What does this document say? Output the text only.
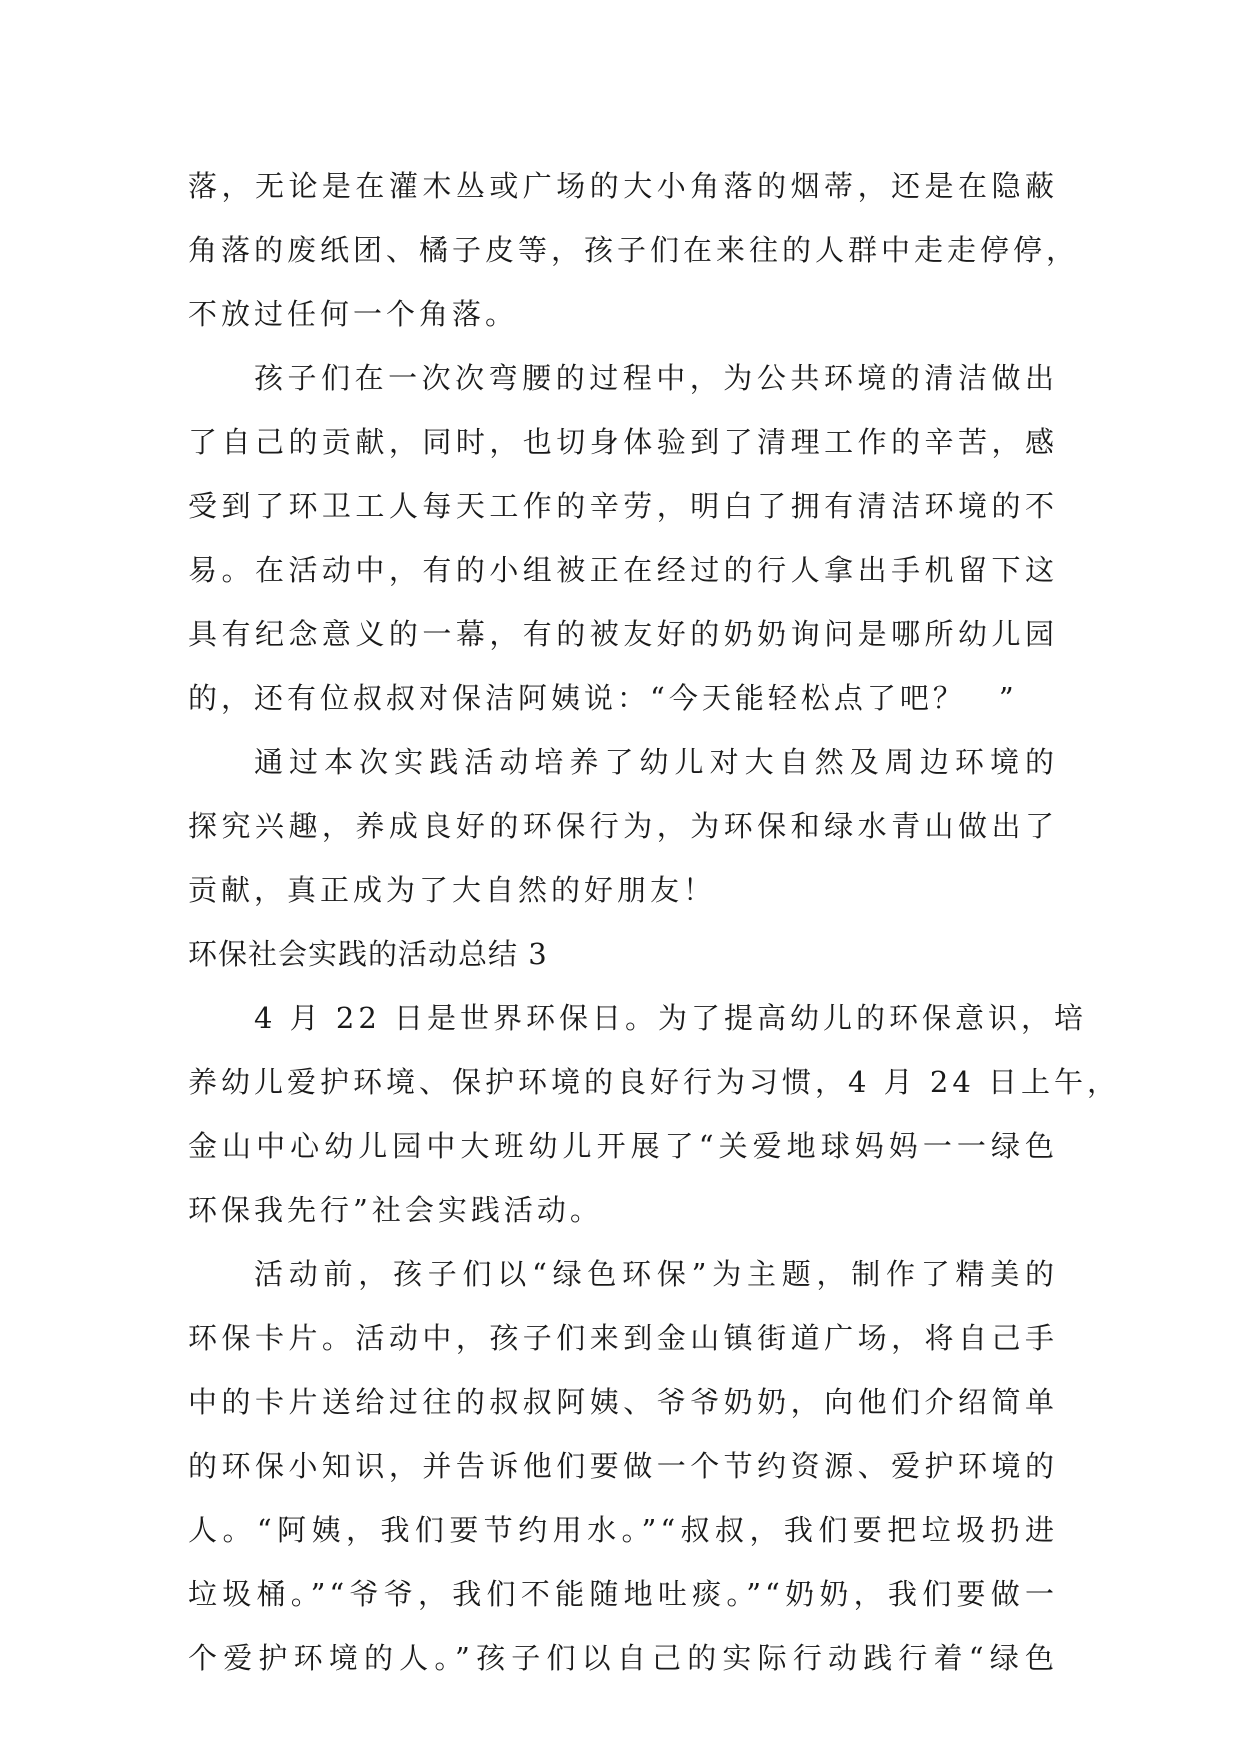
落，无论是在灌木丛或广场的大小角落的烟蒂，还是在隐蔽
角落的废纸团、橘子皮等，孩子们在来往的人群中走走停停，
不放过任何一个角落。
孩子们在一次次弯腰的过程中，为公共环境的清洁做出
了自己的贡献，同时，也切身体验到了清理工作的辛苦，感
受到了环卫工人每天工作的辛劳，明白了拥有清洁环境的不
易。在活动中，有的小组被正在经过的行人拿出手机留下这
具有纪念意义的一幕，有的被友好的奶奶询问是哪所幼儿园
的，还有位叔叔对保洁阿姨说：“今天能轻松点了吧？　”
通过本次实践活动培养了幼儿对大自然及周边环境的
探究兴趣，养成良好的环保行为，为环保和绿水青山做出了
贡献，真正成为了大自然的好朋友！
环保社会实践的活动总结 3
4 月 22 日是世界环保日。为了提高幼儿的环保意识，培
养幼儿爱护环境、保护环境的良好行为习惯，4 月 24 日上午，
金山中心幼儿园中大班幼儿开展了“关爱地球妈妈一一绿色
环保我先行”社会实践活动。
活动前，孩子们以“绿色环保”为主题，制作了精美的
环保卡片。活动中，孩子们来到金山镇街道广场，将自己手
中的卡片送给过往的叔叔阿姨、爷爷奶奶，向他们介绍简单
的环保小知识，并告诉他们要做一个节约资源、爱护环境的
人。“阿姨，我们要节约用水。”“叔叔，我们要把垃圾扔进
垃圾桶。”“爷爷，我们不能随地吐痰。”“奶奶，我们要做一
个爱护环境的人。”孩子们以自己的实际行动践行着“绿色
